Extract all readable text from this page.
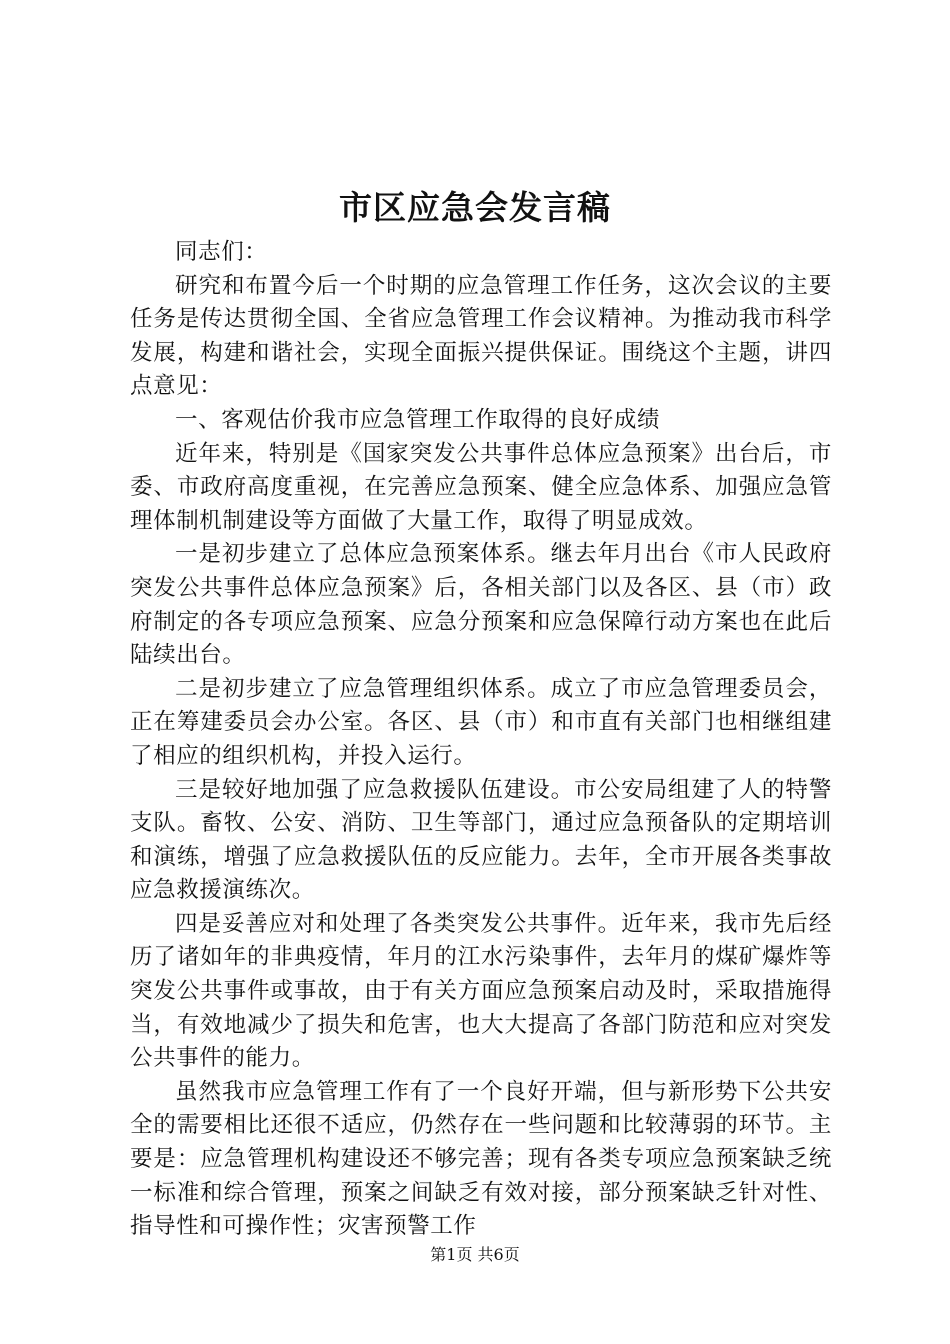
市区应急会发言稿

同志们：

研究和布置今后一个时期的应急管理工作任务，这次会议的主要任务是传达贯彻全国、全省应急管理工作会议精神。为推动我市科学发展，构建和谐社会，实现全面振兴提供保证。围绕这个主题，讲四点意见：

一、客观估价我市应急管理工作取得的良好成绩

近年来，特别是《国家突发公共事件总体应急预案》出台后，市委、市政府高度重视，在完善应急预案、健全应急体系、加强应急管理体制机制建设等方面做了大量工作，取得了明显成效。

一是初步建立了总体应急预案体系。继去年月出台《市人民政府突发公共事件总体应急预案》后，各相关部门以及各区、县（市）政府制定的各专项应急预案、应急分预案和应急保障行动方案也在此后陆续出台。

二是初步建立了应急管理组织体系。成立了市应急管理委员会，正在筹建委员会办公室。各区、县（市）和市直有关部门也相继组建了相应的组织机构，并投入运行。

三是较好地加强了应急救援队伍建设。市公安局组建了人的特警支队。畜牧、公安、消防、卫生等部门，通过应急预备队的定期培训和演练，增强了应急救援队伍的反应能力。去年，全市开展各类事故应急救援演练次。

四是妥善应对和处理了各类突发公共事件。近年来，我市先后经历了诸如年的非典疫情，年月的江水污染事件，去年月的煤矿爆炸等突发公共事件或事故，由于有关方面应急预案启动及时，采取措施得当，有效地减少了损失和危害，也大大提高了各部门防范和应对突发公共事件的能力。

虽然我市应急管理工作有了一个良好开端，但与新形势下公共安全的需要相比还很不适应，仍然存在一些问题和比较薄弱的环节。主要是：应急管理机构建设还不够完善；现有各类专项应急预案缺乏统一标准和综合管理，预案之间缺乏有效对接，部分预案缺乏针对性、指导性和可操作性；灾害预警工作

第1页 共6页
